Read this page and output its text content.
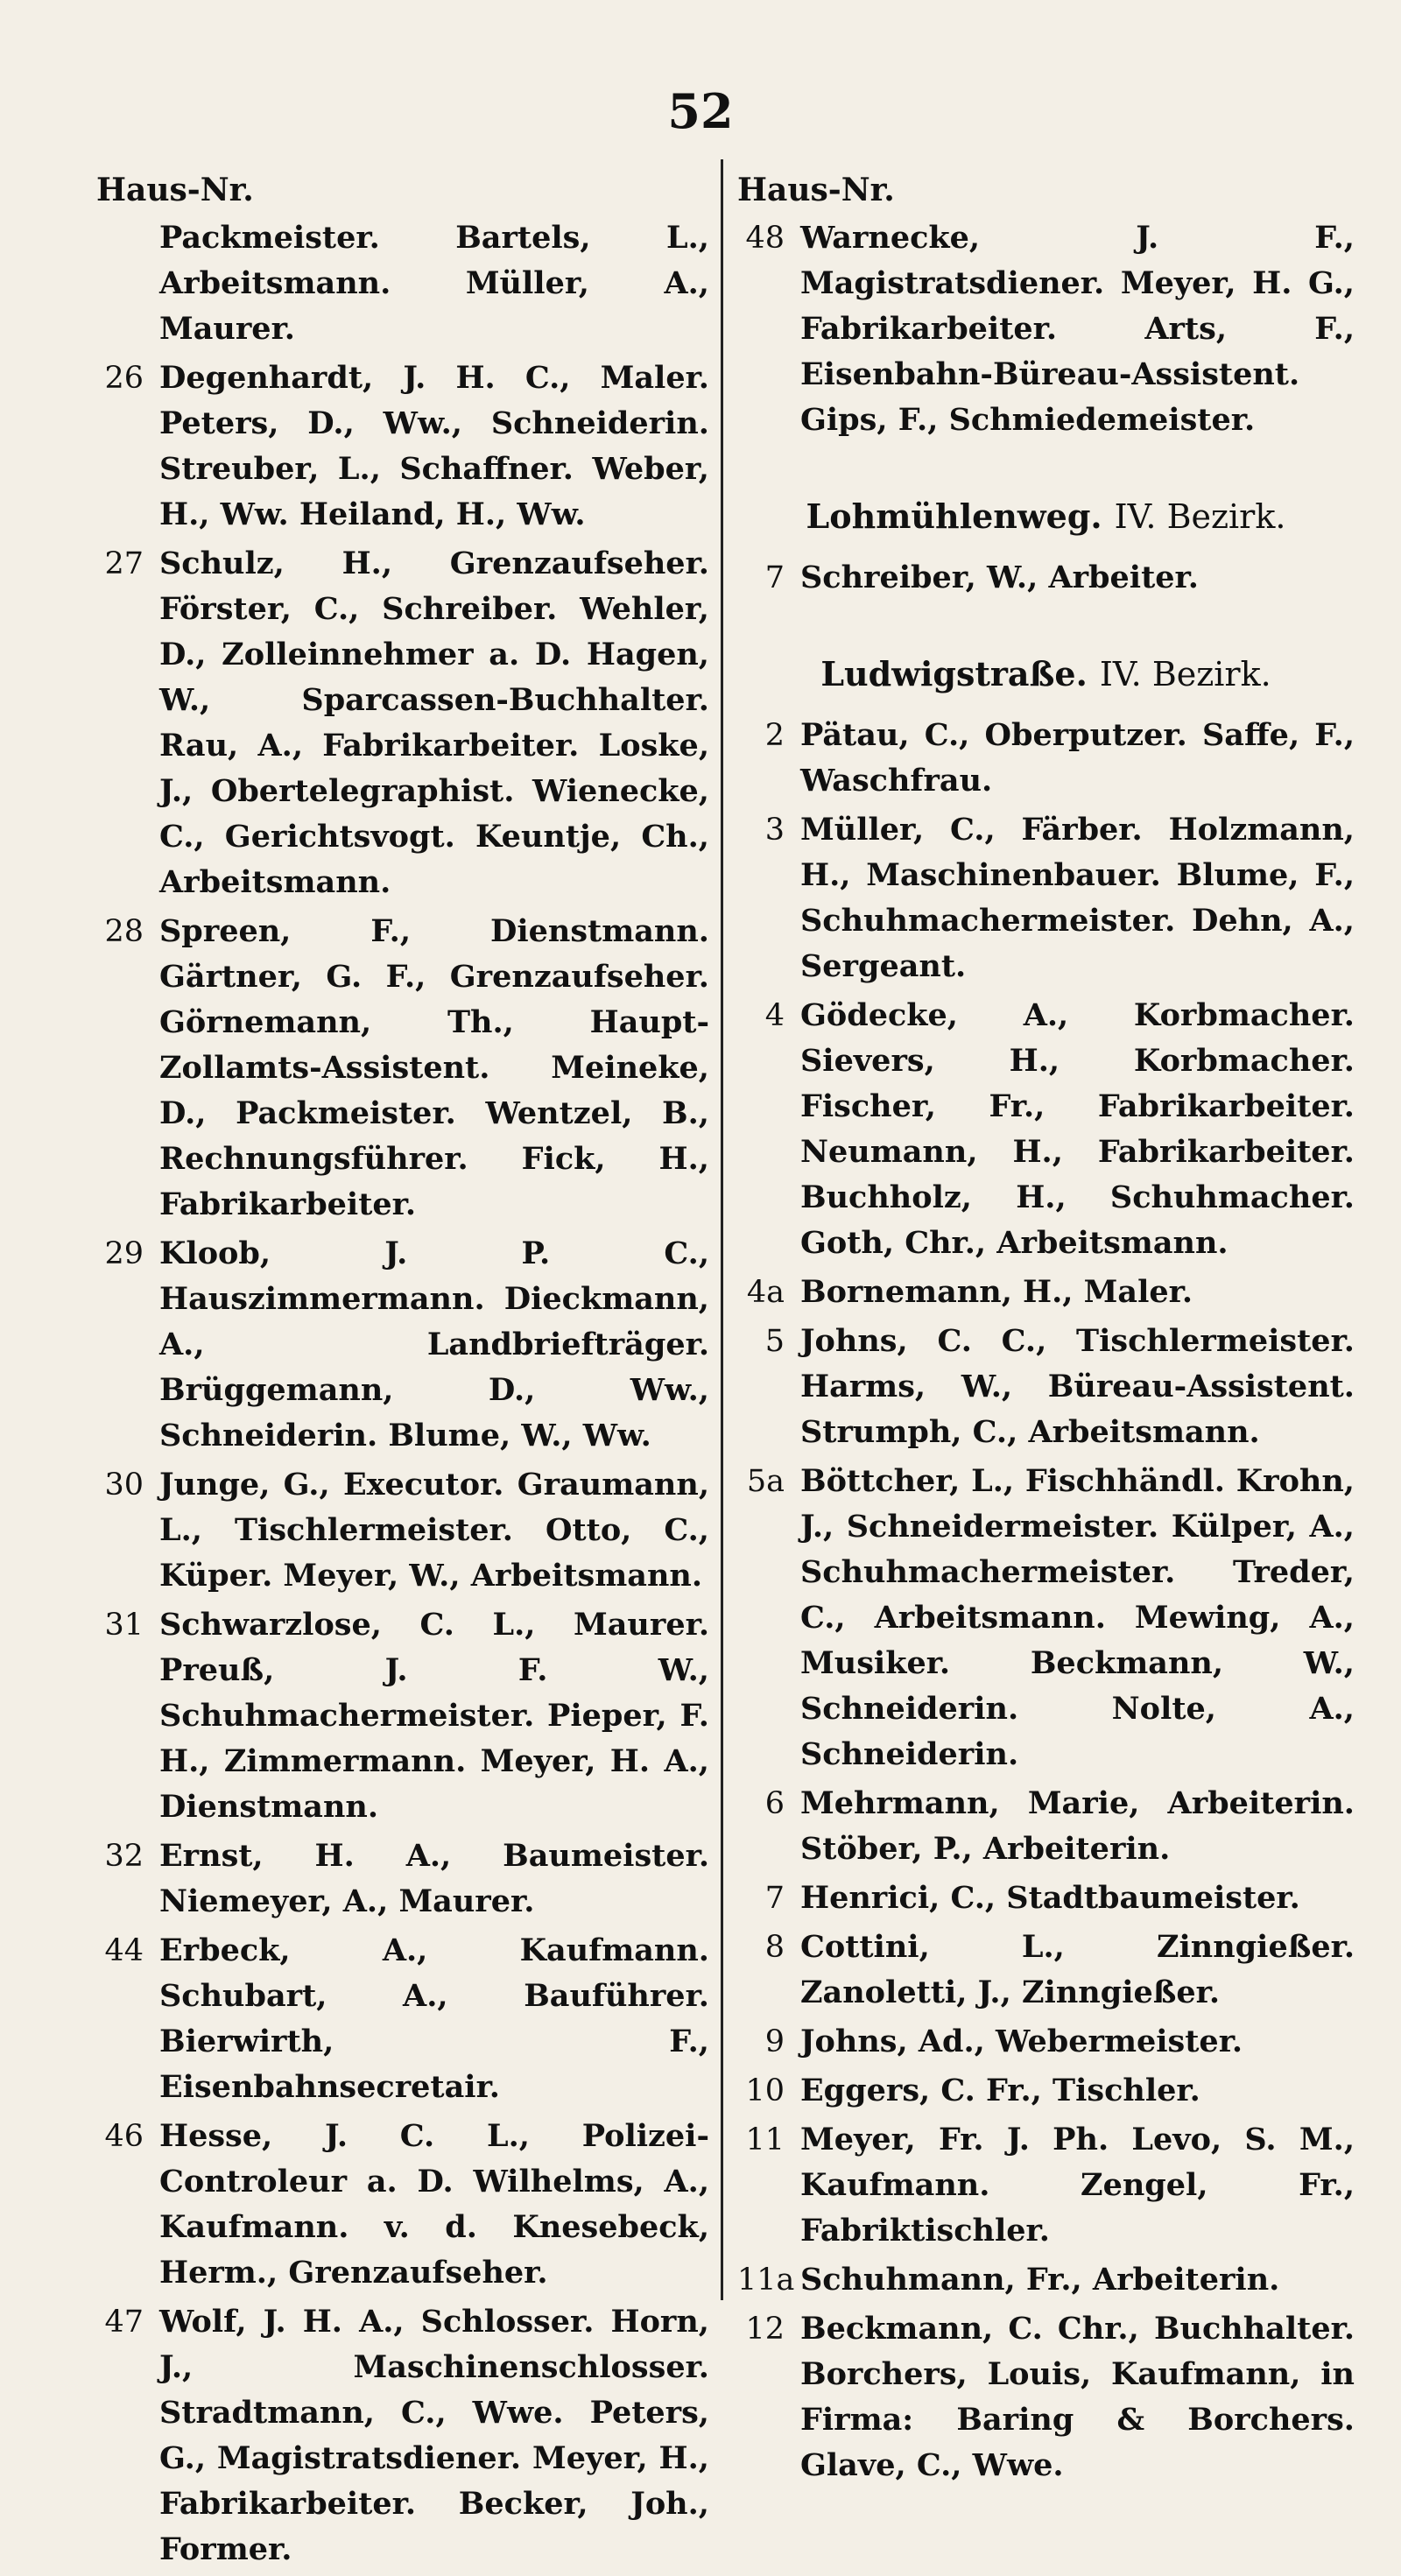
52
Haus-Nr.
Packmeister. Bartels, L., Arbeitsmann. Müller, A., Maurer.
26 Degenhardt, J. H. C., Maler. Peters, D., Ww., Schneiderin. Streuber, L., Schaffner. Weber, H., Ww. Heiland, H., Ww.
27 Schulz, H., Grenzaufseher. Förster, C., Schreiber. Wehler, D., Zolleinnehmer a. D. Hagen, W., Sparcassen-Buchhalter. Rau, A., Fabrikarbeiter. Loske, J., Obertelegraphist. Wienecke, C., Gerichtsvogt. Keuntje, Ch., Arbeitsmann.
28 Spreen, F., Dienstmann. Gärtner, G. F., Grenzaufseher. Görnemann, Th., Haupt-Zollamts-Assistent. Meineke, D., Packmeister. Wentzel, B., Rechnungsführer. Fick, H., Fabrikarbeiter.
29 Kloob, J. P. C., Hauszimmermann. Dieckmann, A., Landbriefträger. Brüggemann, D., Ww., Schneiderin. Blume, W., Ww.
30 Junge, G., Executor. Graumann, L., Tischlermeister. Otto, C., Küper. Meyer, W., Arbeitsmann.
31 Schwarzlose, C. L., Maurer. Preuß, J. F. W., Schuhmachermeister. Pieper, F. H., Zimmermann. Meyer, H. A., Dienstmann.
32 Ernst, H. A., Baumeister. Niemeyer, A., Maurer.
44 Erbeck, A., Kaufmann. Schubart, A., Bauführer. Bierwirth, F., Eisenbahnsecretair.
46 Hesse, J. C. L., Polizei-Controleur a. D. Wilhelms, A., Kaufmann. v. d. Knesebeck, Herm., Grenzaufseher.
47 Wolf, J. H. A., Schlosser. Horn, J., Maschinenschlosser. Stradtmann, C., Wwe. Peters, G., Magistratsdiener. Meyer, H., Fabrikarbeiter. Becker, Joh., Former.
Haus-Nr.
48 Warnecke, J. F., Magistratsdiener. Meyer, H. G., Fabrikarbeiter. Arts, F., Eisenbahn-Büreau-Assistent. Gips, F., Schmiedemeister.
Lohmühlenweg. IV. Bezirk.
7 Schreiber, W., Arbeiter.
Ludwigstraße. IV. Bezirk.
2 Pätau, C., Oberputzer. Saffe, F., Waschfrau.
3 Müller, C., Färber. Holzmann, H., Maschinenbauer. Blume, F., Schuhmachermeister. Dehn, A., Sergeant.
4 Gödecke, A., Korbmacher. Sievers, H., Korbmacher. Fischer, Fr., Fabrikarbeiter. Neumann, H., Fabrikarbeiter. Buchholz, H., Schuhmacher. Goth, Chr., Arbeitsmann.
4a Bornemann, H., Maler.
5 Johns, C. C., Tischlermeister. Harms, W., Büreau-Assistent. Strumph, C., Arbeitsmann.
5a Böttcher, L., Fischhändl. Krohn, J., Schneidermeister. Külper, A., Schuhmachermeister. Treder, C., Arbeitsmann. Mewing, A., Musiker. Beckmann, W., Schneiderin. Nolte, A., Schneiderin.
6 Mehrmann, Marie, Arbeiterin. Stöber, P., Arbeiterin.
7 Henrici, C., Stadtbaumeister.
8 Cottini, L., Zinngießer. Zanoletti, J., Zinngießer.
9 Johns, Ad., Webermeister.
10 Eggers, C. Fr., Tischler.
11 Meyer, Fr. J. Ph. Levo, S. M., Kaufmann. Zengel, Fr., Fabriktischler.
11a Schuhmann, Fr., Arbeiterin.
12 Beckmann, C. Chr., Buchhalter. Borchers, Louis, Kaufmann, in Firma: Baring & Borchers. Glave, C., Wwe.
